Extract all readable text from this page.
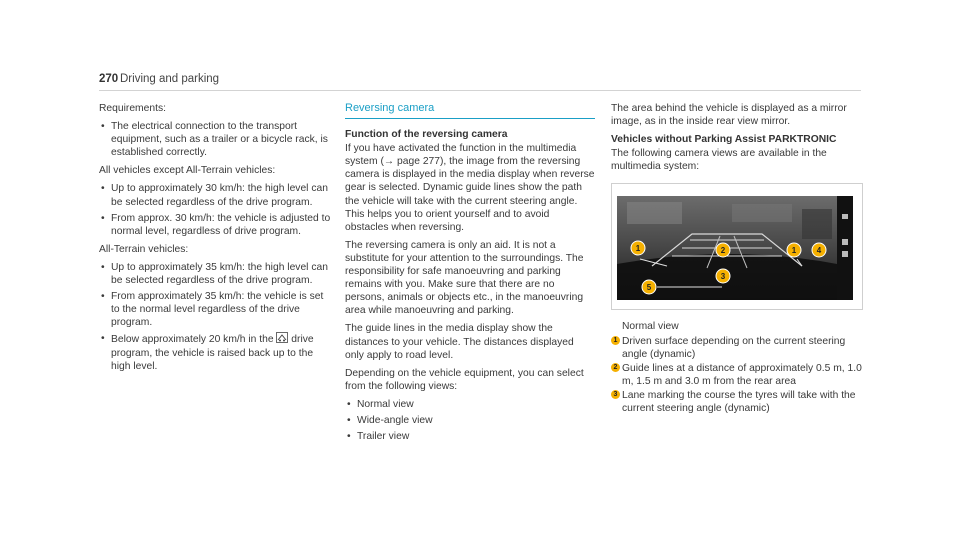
270 Driving and parking

Requirements:

• The electrical connection to the transport equipment, such as a trailer or a bicycle rack, is established correctly.

All vehicles except All-Terrain vehicles:

• Up to approximately 30 km/h: the high level can be selected regardless of the drive program.
• From approx. 30 km/h: the vehicle is adjusted to normal level, regardless of drive program.

All-Terrain vehicles:

• Up to approximately 35 km/h: the high level can be selected regardless of the drive program.
• From approximately 35 km/h: the vehicle is set to the normal level regardless of the drive program.
• Below approximately 20 km/h in the drive program, the vehicle is raised back up to the high level.
Reversing camera
Function of the reversing camera

If you have activated the function in the multimedia system (→ page 277), the image from the reversing camera is displayed in the media display when reverse gear is selected. Dynamic guide lines show the path the vehicle will take with the current steering angle. This helps you to orient yourself and to avoid obstacles when reversing.

The reversing camera is only an aid. It is not a substitute for your attention to the surroundings. The responsibility for safe manoeuvring and parking remains with you. Make sure that there are no persons, animals or objects etc., in the manoeuvring area while manoeuvring and parking.

The guide lines in the media display show the distances to your vehicle. The distances displayed only apply to road level.

Depending on the vehicle equipment, you can select from the following views:

• Normal view
• Wide-angle view
• Trailer view

The area behind the vehicle is displayed as a mirror image, as in the inside rear view mirror.

Vehicles without Parking Assist PARKTRONIC

The following camera views are available in the multimedia system:

1	2	1	4
3
5
Normal view
1 Driven surface depending on the current steering angle (dynamic)
2 Guide lines at a distance of approximately 0.5 m, 1.0 m, 1.5 m and 3.0 m from the rear area
3 Lane marking the course the tyres will take with the current steering angle (dynamic)
